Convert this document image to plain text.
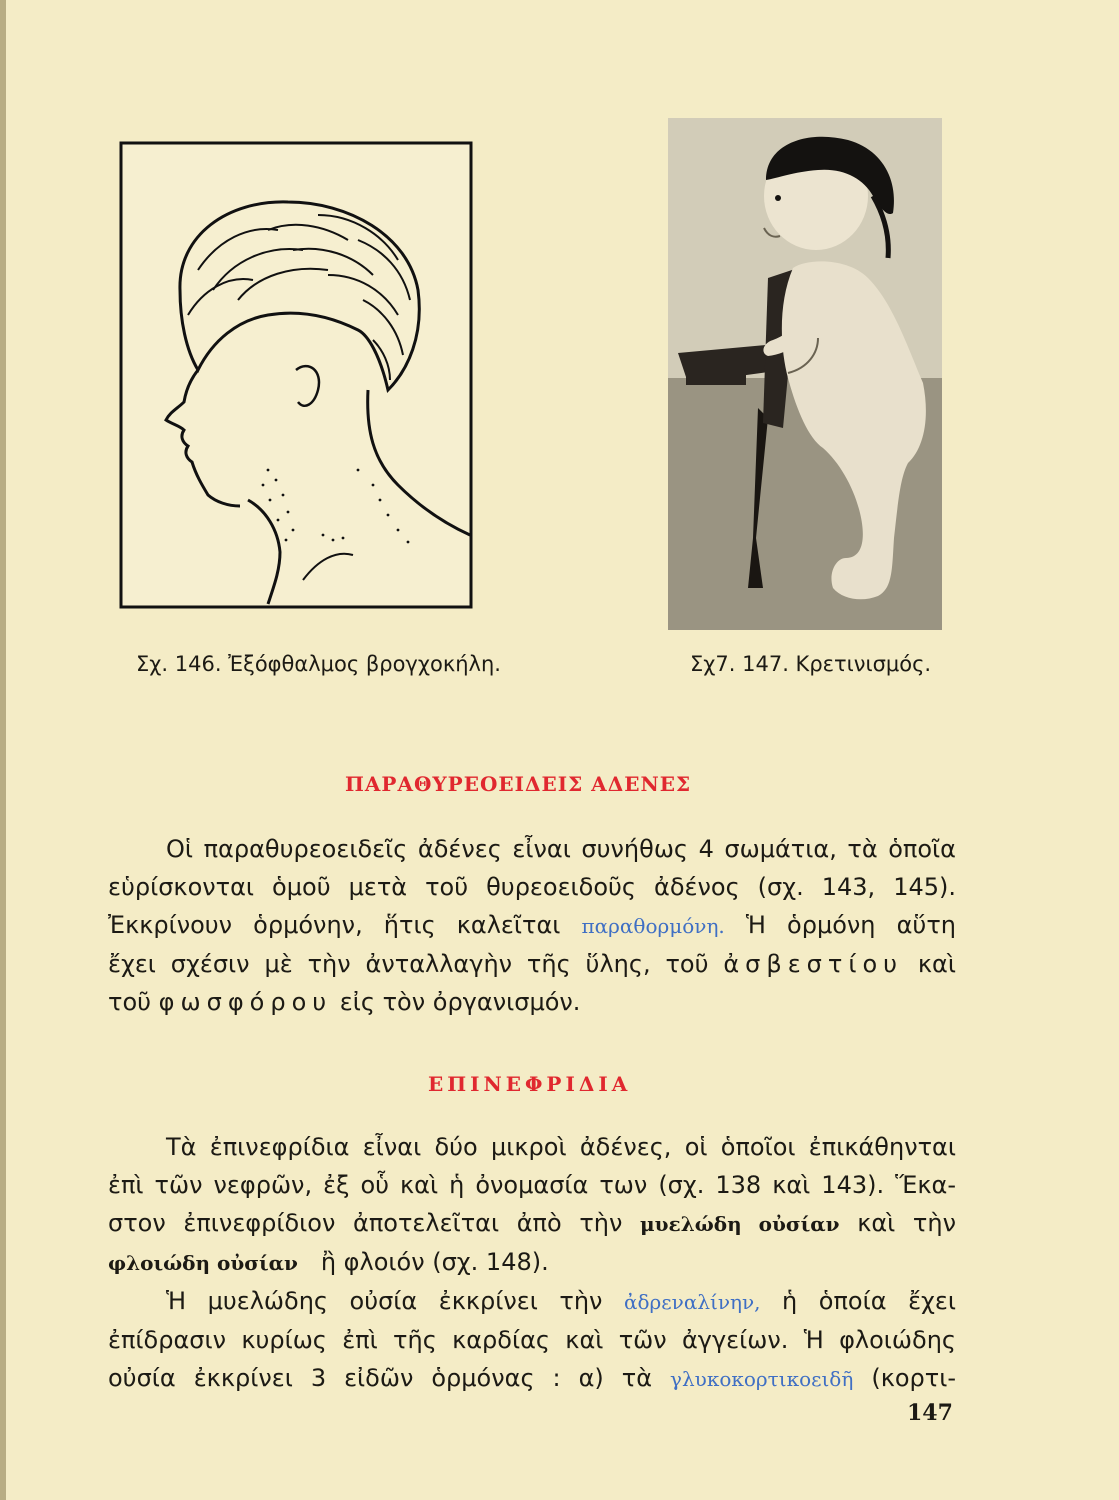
Σχ. 146. Ἐξόφθαλμος βρογχοκήλη.	Σχ7. 147. Κρετινισμός.
ΠΑΡΑΘΥΡΕΟΕΙΔΕΙΣ ΑΔΕΝΕΣ
Οἱ παραθυρεοειδεῖς ἀδένες εἶναι συνήθως 4 σωμάτια, τὰ ὁποῖα
εὑρίσκονται ὁμοῦ μετὰ τοῦ θυρεοειδοῦς ἀδένος (σχ. 143, 145).
Ἐκκρίνουν ὁρμόνην, ἥτις καλεῖται παραθορμόνη. Ἡ ὁρμόνη αὕτη
ἔχει σχέσιν μὲ τὴν ἀνταλλαγὴν τῆς ὕλης, τοῦ ἀσβεστίου καὶ
τοῦ φωσφόρου εἰς τὸν ὀργανισμόν.
ΕΠΙΝΕΦΡΙΔΙΑ
Τὰ ἐπινεφρίδια εἶναι δύο μικροὶ ἀδένες, οἱ ὁποῖοι ἐπικάθηνται
ἐπὶ τῶν νεφρῶν, ἐξ οὗ καὶ ἡ ὀνομασία των (σχ. 138 καὶ 143). Ἕκα-
στον ἐπινεφρίδιον ἀποτελεῖται ἀπὸ τὴν μυελώδη οὐσίαν καὶ τὴν
φλοιώδη οὐσίαν ἢ φλοιόν (σχ. 148).
Ἡ μυελώδης οὐσία ἐκκρίνει τὴν ἀδρεναλίνην, ἡ ὁποία ἔχει
ἐπίδρασιν κυρίως ἐπὶ τῆς καρδίας καὶ τῶν ἀγγείων. Ἡ φλοιώδης
οὐσία ἐκκρίνει 3 εἰδῶν ὁρμόνας : α) τὰ γλυκοκορτικοειδῆ (κορτι-
147
